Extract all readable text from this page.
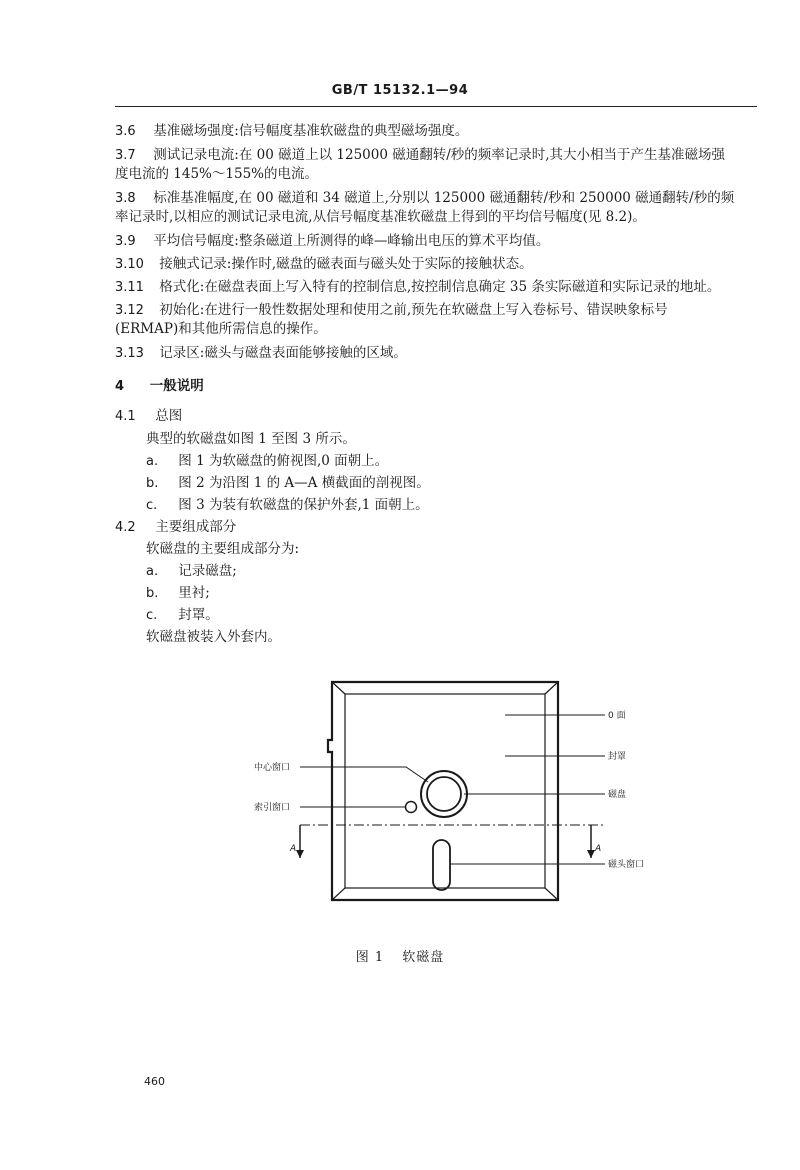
GB/T 15132.1—94
3.6 基准磁场强度:信号幅度基准软磁盘的典型磁场强度。
3.7 测试记录电流:在 00 磁道上以 125000 磁通翻转/秒的频率记录时,其大小相当于产生基准磁场强
度电流的 145%～155%的电流。
3.8 标准基准幅度,在 00 磁道和 34 磁道上,分别以 125000 磁通翻转/秒和 250000 磁通翻转/秒的频
率记录时,以相应的测试记录电流,从信号幅度基准软磁盘上得到的平均信号幅度(见 8.2)。
3.9 平均信号幅度:整条磁道上所测得的峰—峰输出电压的算术平均值。
3.10 接触式记录:操作时,磁盘的磁表面与磁头处于实际的接触状态。
3.11 格式化:在磁盘表面上写入特有的控制信息,按控制信息确定 35 条实际磁道和实际记录的地址。
3.12 初始化:在进行一般性数据处理和使用之前,预先在软磁盘上写入卷标号、错误映象标号
(ERMAP)和其他所需信息的操作。
3.13 记录区:磁头与磁盘表面能够接触的区域。
4 一般说明
4.1 总图
典型的软磁盘如图 1 至图 3 所示。
a. 图 1 为软磁盘的俯视图,0 面朝上。
b. 图 2 为沿图 1 的 A—A 横截面的剖视图。
c. 图 3 为装有软磁盘的保护外套,1 面朝上。
4.2 主要组成部分
软磁盘的主要组成部分为:
a. 记录磁盘;
b. 里衬;
c. 封罩。
软磁盘被装入外套内。
0 面
封罩
磁盘
磁头窗口
中心窗口
索引窗口
A	A
图 1 软磁盘
460
